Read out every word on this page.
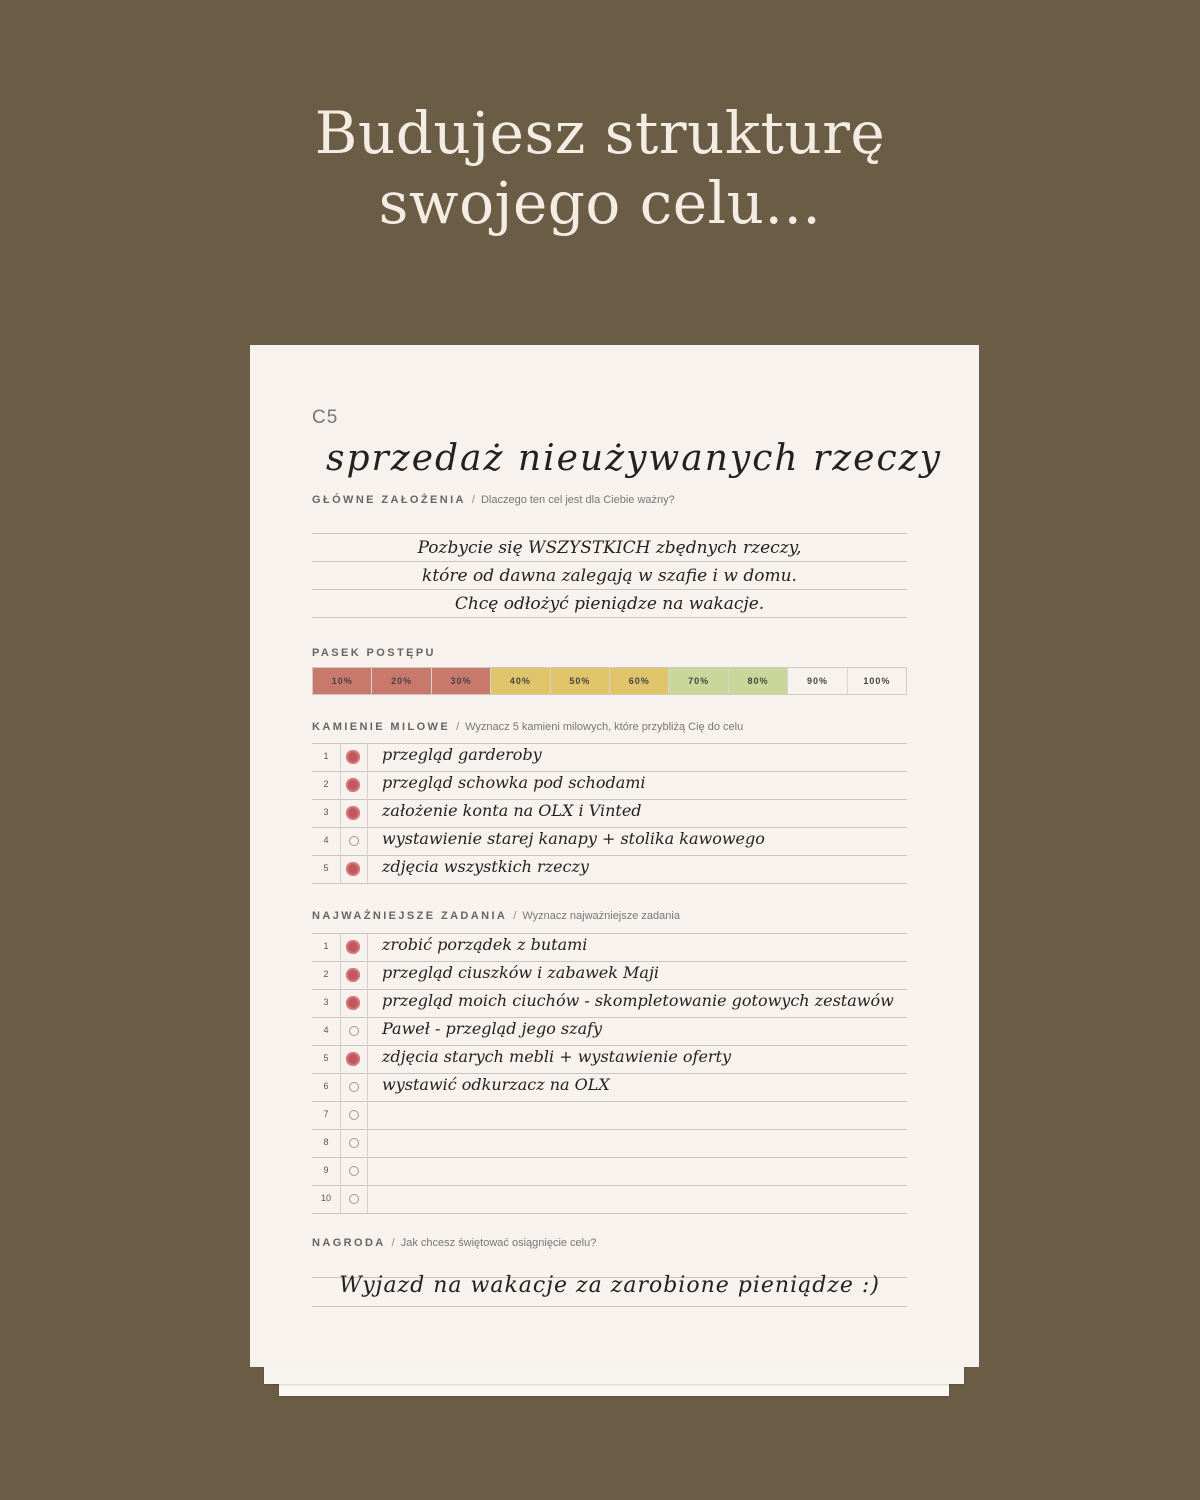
Budujesz strukturę
swojego celu...
C5
sprzedaż nieużywanych rzeczy
GŁÓWNE ZAŁOŻENIA / Dlaczego ten cel jest dla Ciebie ważny?
Pozbycie się WSZYSTKICH zbędnych rzeczy,
które od dawna zalegają w szafie i w domu.
Chcę odłożyć pieniądze na wakacje.
PASEK POSTĘPU
10%	20%	30%	40%	50%	60%	70%	80%	90%	100%
KAMIENIE MILOWE / Wyznacz 5 kamieni milowych, które przybliżą Cię do celu
NAJWAŻNIEJSZE ZADANIA / Wyznacz najważniejsze zadania
NAGRODA / Jak chcesz świętować osiągnięcie celu?
Wyjazd na wakacje za zarobione pieniądze :)
1	przegląd garderoby
2	przegląd schowka pod schodami
3	założenie konta na OLX i Vinted
4	wystawienie starej kanapy + stolika kawowego
5	zdjęcia wszystkich rzeczy
1	zrobić porządek z butami
2	przegląd ciuszków i zabawek Maji
3	przegląd moich ciuchów - skompletowanie gotowych zestawów
4	Paweł - przegląd jego szafy
5	zdjęcia starych mebli + wystawienie oferty
6	wystawić odkurzacz na OLX
7
8
9
10
